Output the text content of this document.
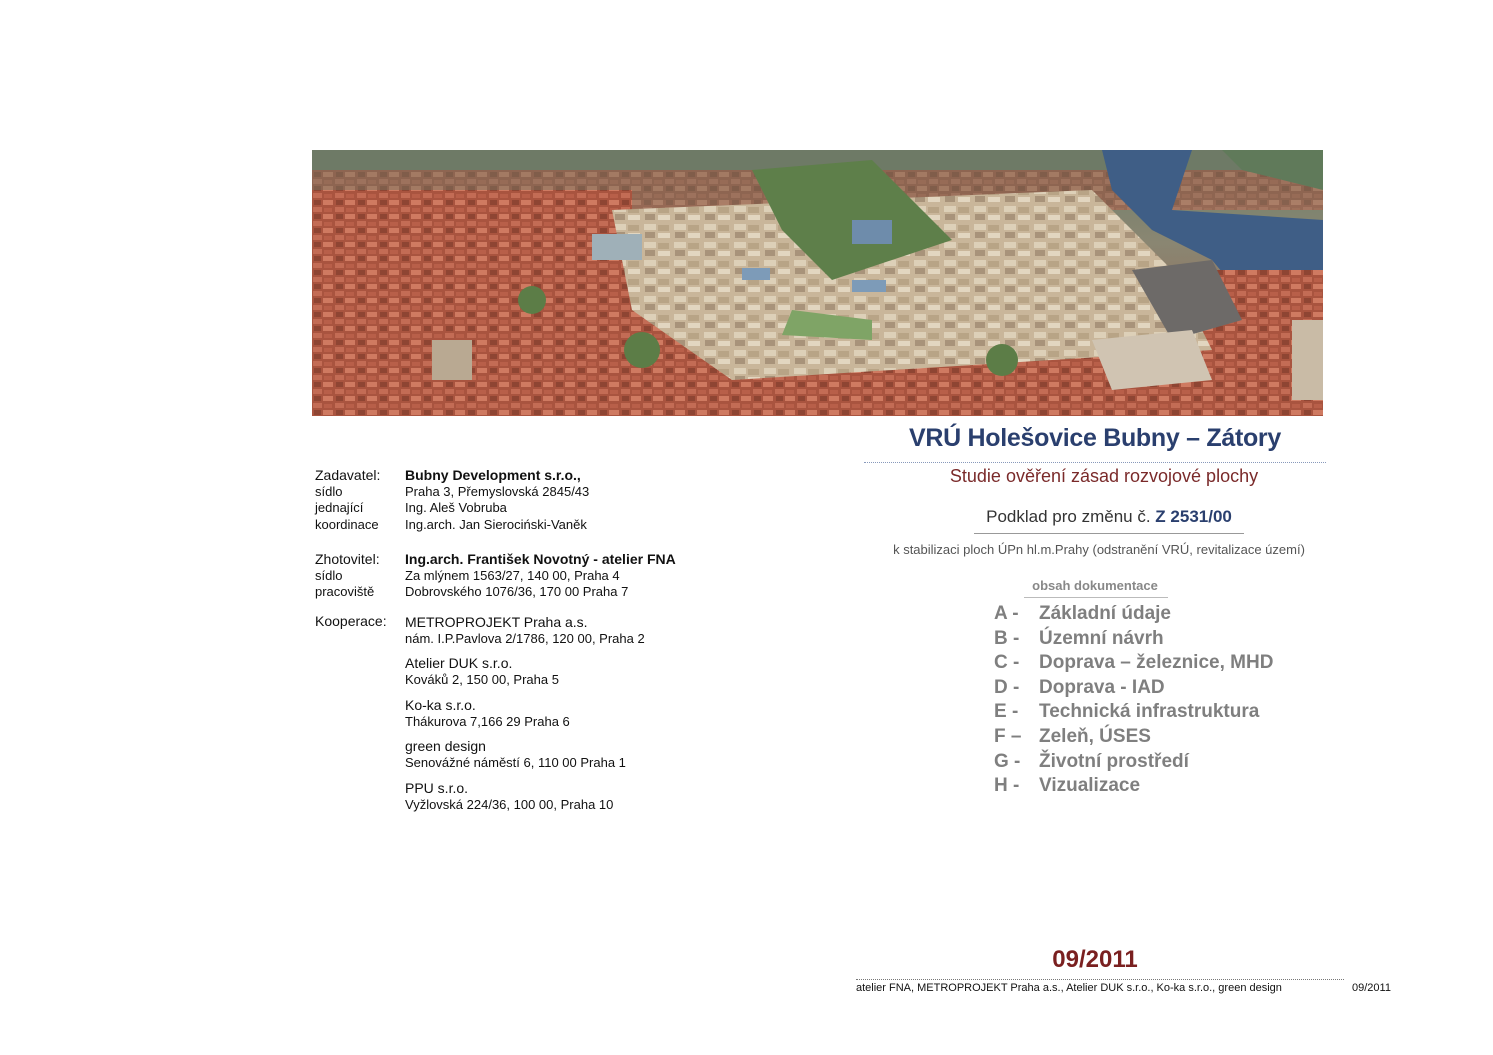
Zadavatel:	Bubny Development s.r.o.,
sídlo	Praha 3, Přemyslovská 2845/43
jednající	Ing. Aleš Vobruba
koordinace	Ing.arch. Jan Sierociński-Vaněk
Zhotovitel:	Ing.arch. František Novotný - atelier FNA
sídlo	Za mlýnem 1563/27, 140 00, Praha 4
pracoviště	Dobrovského 1076/36, 170 00 Praha 7
Kooperace:	METROPROJEKT Praha a.s.
nám. I.P.Pavlova 2/1786, 120 00, Praha 2
Atelier DUK s.r.o.
Kováků 2, 150 00, Praha 5
Ko-ka s.r.o.
Thákurova 7,166 29 Praha 6
green design
Senovážné náměstí 6, 110 00 Praha 1
PPU s.r.o.
Vyžlovská 224/36, 100 00, Praha 10
VRÚ Holešovice Bubny – Zátory
Studie ověření zásad rozvojové plochy
Podklad pro změnu č. Z 2531/00
k stabilizaci ploch ÚPn hl.m.Prahy (odstranění VRÚ, revitalizace území)
obsah dokumentace
A -	Základní údaje
B -	Územní návrh
C -	Doprava – železnice, MHD
D -	Doprava - IAD
E -	Technická infrastruktura
F – Zeleň, ÚSES
G - Životní prostředí
H -	Vizualizace
09/2011
atelier FNA, METROPROJEKT Praha a.s., Atelier DUK s.r.o., Ko-ka s.r.o., green design	09/2011
